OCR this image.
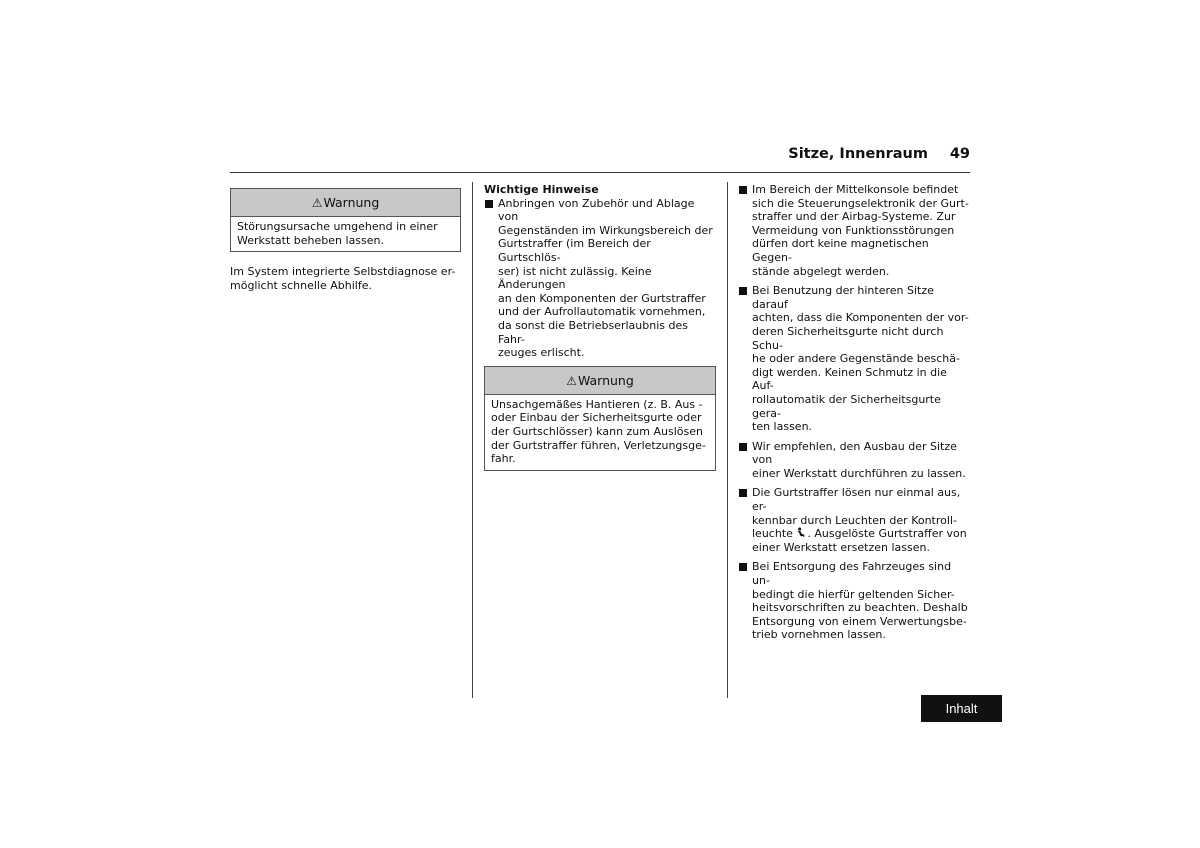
Sitze, Innenraum 49
⚠Warnung
Störungsursache umgehend in einer
Werkstatt beheben lassen.
Im System integrierte Selbstdiagnose er-
möglicht schnelle Abhilfe.
Wichtige Hinweise
Anbringen von Zubehör und Ablage von
Gegenständen im Wirkungsbereich der
Gurtstraffer (im Bereich der Gurtschlös-
ser) ist nicht zulässig. Keine Änderungen
an den Komponenten der Gurtstraffer
und der Aufrollautomatik vornehmen,
da sonst die Betriebserlaubnis des Fahr-
zeuges erlischt.
⚠Warnung
Unsachgemäßes Hantieren (z. B. Aus -
oder Einbau der Sicherheitsgurte oder
der Gurtschlösser) kann zum Auslösen
der Gurtstraffer führen, Verletzungsge-
fahr.
Im Bereich der Mittelkonsole befindet
sich die Steuerungselektronik der Gurt-
straffer und der Airbag-Systeme. Zur
Vermeidung von Funktionsstörungen
dürfen dort keine magnetischen Gegen-
stände abgelegt werden.
Bei Benutzung der hinteren Sitze darauf
achten, dass die Komponenten der vor-
deren Sicherheitsgurte nicht durch Schu-
he oder andere Gegenstände beschä-
digt werden. Keinen Schmutz in die Auf-
rollautomatik der Sicherheitsgurte gera-
ten lassen.
Wir empfehlen, den Ausbau der Sitze von
einer Werkstatt durchführen zu lassen.
Die Gurtstraffer lösen nur einmal aus, er-
kennbar durch Leuchten der Kontroll-
leuchte . Ausgelöste Gurtstraffer von
einer Werkstatt ersetzen lassen.
Bei Entsorgung des Fahrzeuges sind un-
bedingt die hierfür geltenden Sicher-
heitsvorschriften zu beachten. Deshalb
Entsorgung von einem Verwertungsbe-
trieb vornehmen lassen.
Inhalt
